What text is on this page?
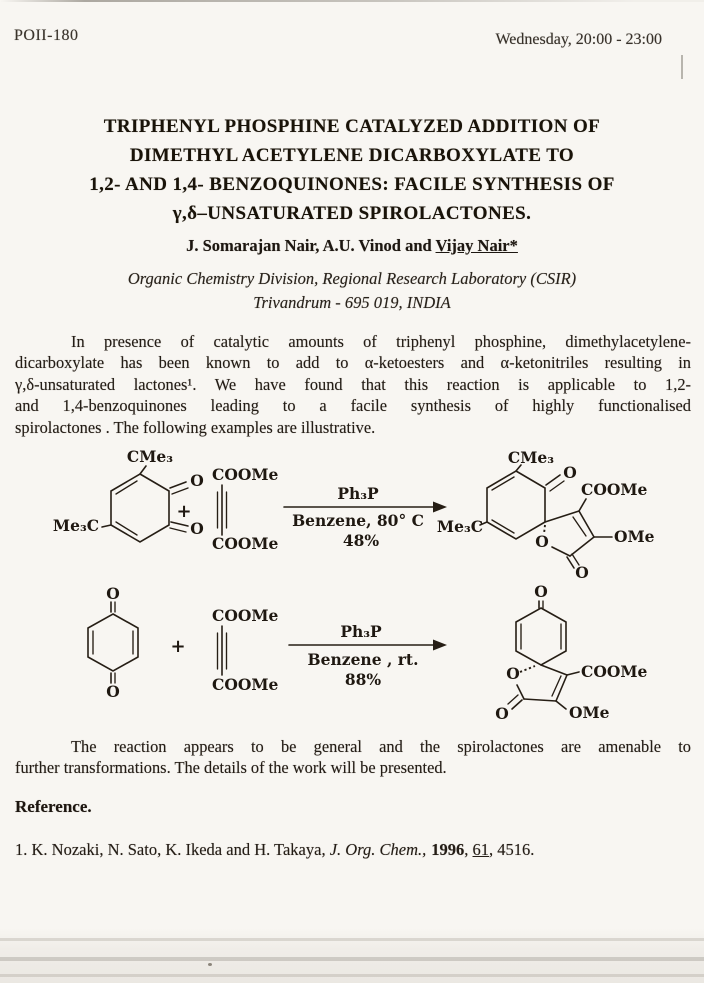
POII-180	Wednesday, 20:00 - 23:00
TRIPHENYL PHOSPHINE CATALYZED ADDITION OF
DIMETHYL ACETYLENE DICARBOXYLATE TO
1,2- AND 1,4- BENZOQUINONES: FACILE SYNTHESIS OF
γ,δ–UNSATURATED SPIROLACTONES.
J. Somarajan Nair, A.U. Vinod and Vijay Nair*
Organic Chemistry Division, Regional Research Laboratory (CSIR)
Trivandrum - 695 019, INDIA
In presence of catalytic amounts of triphenyl phosphine, dimethylacetylene-
dicarboxylate has been known to add to α-ketoesters and α-ketonitriles resulting in
γ,δ-unsaturated lactones¹. We have found that this reaction is applicable to 1,2-
and 1,4-benzoquinones leading to a facile synthesis of highly functionalised
spirolactones . The following examples are illustrative.
CMe₃
Me₃C
O
O
+
COOMe
COOMe
Ph₃P
Benzene, 80° C
48%
CMe₃
O
Me₃C
O
O
OMe
COOMe
O
O
+
COOMe
COOMe
Ph₃P
Benzene , rt.
88%
O
O
O	OMe
COOMe
The reaction appears to be general and the spirolactones are amenable to
further transformations. The details of the work will be presented.
Reference.
1. K. Nozaki, N. Sato, K. Ikeda and H. Takaya, J. Org. Chem., 1996, 61, 4516.
